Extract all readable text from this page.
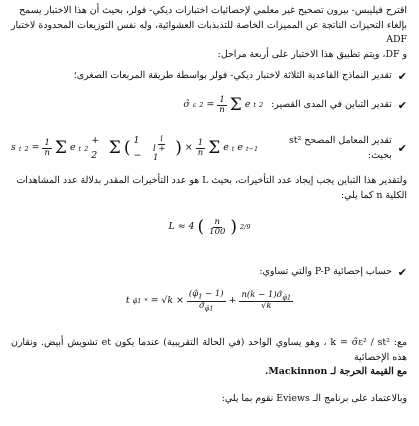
اقترح فيليبس- بيرون تصحيح غير معلمي لإحصائيات اختبارات ديكي- فولر، بحيث أن هذا الاختبار يسمح
بإلغاء التحيزات الناتجة عن المميزات الخاصة للتذبذبات العشوائية، وله نفس التوزيعات المحدودة لاختبار ADF
و DF، ويتم تطبيق هذا الاختبار على أربعة مراحل:

✔
تقدير النماذج القاعدية الثلاثة لاختبار ديكي- فولر بواسطة طريقة المربعات الصغرى؛
✔
تقدير التباين في المدى القصير:
σ̂ ε $2 = \frac{1}{n}$ Σ e t 2
✔
تقدير المعامل المصحح st² بحيث:
s t $2 = \frac{1}{n}$ Σ e t 2
+ 2 Σ ( $1 - \frac{i}{l + 1}$ ) × $\frac{1}{n}$ Σ e t e t−1

ولتقدير هذا التباين يجب إيجاد عدد التأخيرات، بحيث L هو عدد التأخيرات المقدر بدلالة عدد المشاهدات
الكلية n كما يلي:

L ≈ 4 ( $\frac{n}{100}$ ) 2/9
✔
حساب إحصائية P-P والتي تساوي:
t φ̂1 * = $√k \times \frac{(\varphî_1 - 1)}{\sigmâ_{\varphî1}} + \frac{n(k - 1)\sigmâ_{\varphî1}}{√k}$

مع: k = σ̂ε² / st² ، وهو يساوي الواحد (في الحالة التقريبية) عندما يكون et تشويش أبيض. ونقارن هذه الإحصائية
مع القيمة الحرجة لـ Mackinnon.

وبالاعتماد على برنامج الـ Eviews نقوم بما يلي:
